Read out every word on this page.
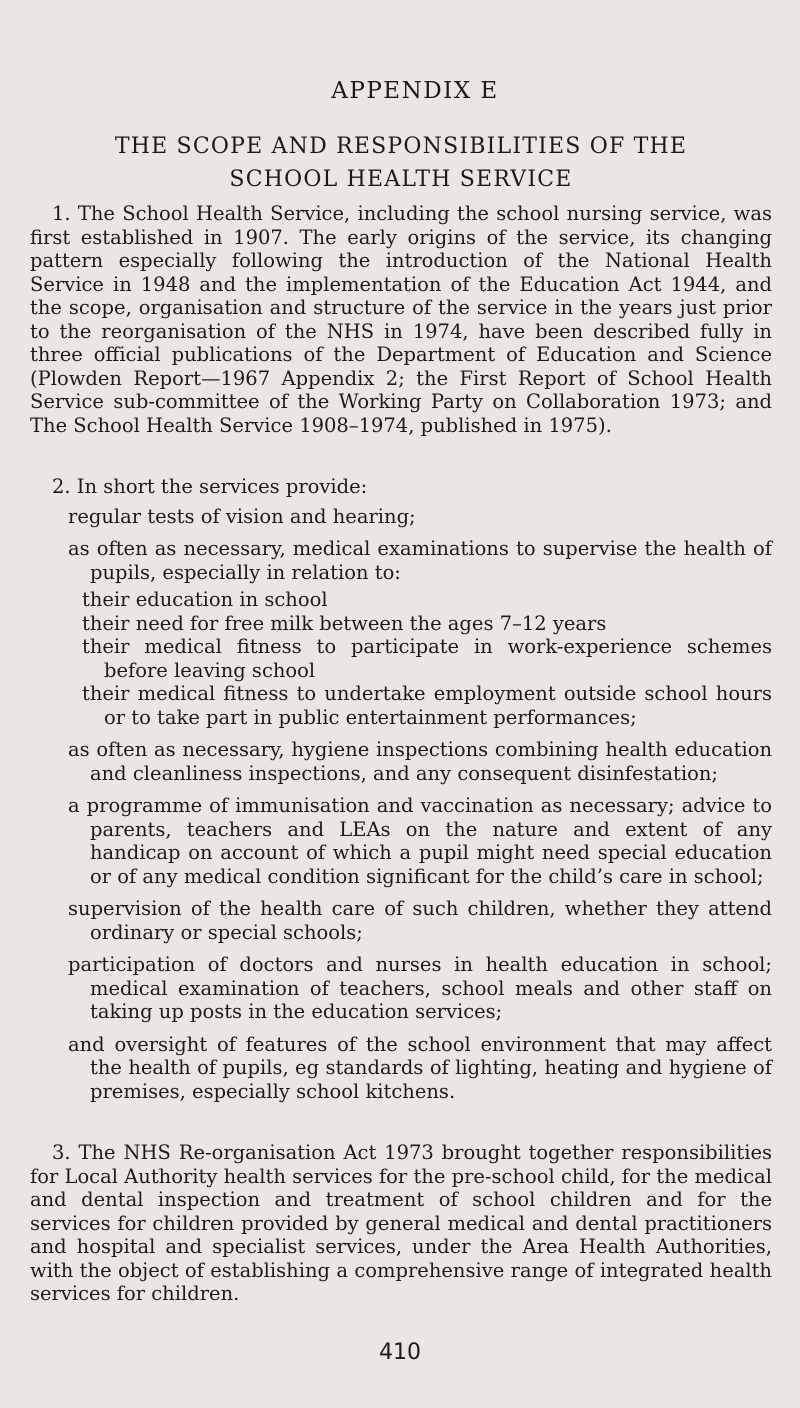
APPENDIX E
THE SCOPE AND RESPONSIBILITIES OF THE
SCHOOL HEALTH SERVICE

1. The School Health Service, including the school nursing service, was first established in 1907. The early origins of the service, its changing pattern especially following the introduction of the National Health Service in 1948 and the implementation of the Education Act 1944, and the scope, organisation and structure of the service in the years just prior to the reorganisation of the NHS in 1974, have been described fully in three official publications of the Department of Education and Science (Plowden Report—1967 Appendix 2; the First Report of School Health Service sub-committee of the Working Party on Collaboration 1973; and The School Health Service 1908–1974, published in 1975).

2. In short the services provide:

regular tests of vision and hearing;
as often as necessary, medical examinations to supervise the health of pupils, especially in relation to:
their education in school
their need for free milk between the ages 7–12 years
their medical fitness to participate in work-experience schemes before leaving school
their medical fitness to undertake employment outside school hours or to take part in public entertainment performances;
as often as necessary, hygiene inspections combining health education and cleanliness inspections, and any consequent disinfestation;
a programme of immunisation and vaccination as necessary; advice to parents, teachers and LEAs on the nature and extent of any handicap on account of which a pupil might need special education or of any medical condition significant for the child’s care in school;
supervision of the health care of such children, whether they attend ordinary or special schools;
participation of doctors and nurses in health education in school; medical examination of teachers, school meals and other staff on taking up posts in the education services;
and oversight of features of the school environment that may affect the health of pupils, eg standards of lighting, heating and hygiene of premises, especially school kitchens.

3. The NHS Re-organisation Act 1973 brought together responsibilities for Local Authority health services for the pre-school child, for the medical and dental inspection and treatment of school children and for the services for children provided by general medical and dental practitioners and hospital and specialist services, under the Area Health Authorities, with the object of establishing a comprehensive range of integrated health services for children.

410
